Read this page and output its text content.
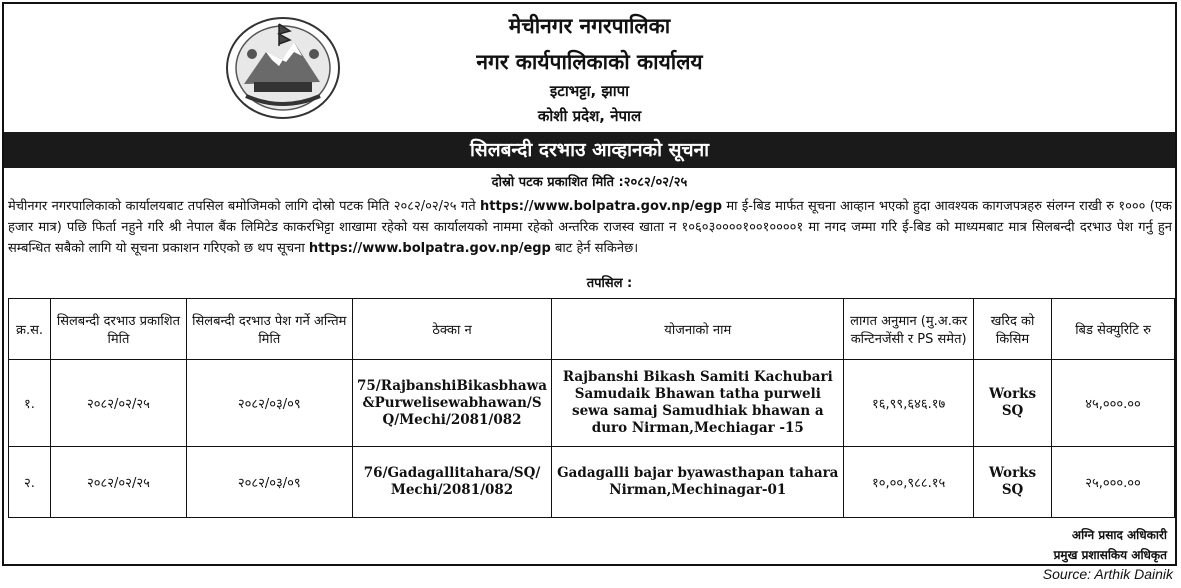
मेचीनगर नगरपालिका
नगर कार्यपालिकाको कार्यालय
इटाभट्टा, झापा
कोशी प्रदेश, नेपाल
सिलबन्दी दरभाउ आव्हानको सूचना
दोस्रो पटक प्रकाशित मिति :२०८२/०२/२५
मेचीनगर नगरपालिकाको कार्यालयबाट तपसिल बमोजिमको लागि दोस्रो पटक मिति २०८२/०२/२५ गते https://www.bolpatra.gov.np/egp मा ई-बिड मार्फत सूचना आव्हान भएको हुदा आवश्यक कागजपत्रहरु संलग्न राखी रु १००० (एक हजार मात्र) पछि फिर्ता नहुने गरि श्री नेपाल बैंक लिमिटेड काकरभिट्टा शाखामा रहेको यस कार्यालयको नाममा रहेको अन्तरिक राजस्व खाता न १०६०३००००१००१००००१ मा नगद जम्मा गरि ई-बिड को माध्यमबाट मात्र सिलबन्दी दरभाउ पेश गर्नु हुन सम्बन्धित सबैको लागि यो सूचना प्रकाशन गरिएको छ थप सूचना https://www.bolpatra.gov.np/egp बाट हेर्न सकिनेछ।
तपसिल :
क्र.स.	सिलबन्दी दरभाउ प्रकाशित मिति	सिलबन्दी दरभाउ पेश गर्ने अन्तिम मिति	ठेक्का न	योजनाको नाम	लागत अनुमान (मु.अ.कर कन्टिनजेंसी र PS समेत)	खरिद को किसिम	बिड सेक्युरिटि रु
१.	२०८२/०२/२५	२०८२/०३/०९	75/RajbanshiBikasbhawa&Purwelisewabhawan/SQ/Mechi/2081/082	Rajbanshi Bikash Samiti Kachubari Samudaik Bhawan tatha purweli sewa samaj Samudhiak bhawan a duro Nirman,Mechiagar -15	१६,९९,६४६.१७	Works SQ	४५,०००.००
२.	२०८२/०२/२५	२०८२/०३/०९	76/Gadagallitahara/SQ/Mechi/2081/082	Gadagalli bajar byawasthapan tahara Nirman,Mechinagar-01	१०,००,९८८.१५	Works SQ	२५,०००.००
अग्नि प्रसाद अधिकारी
प्रमुख प्रशासकिय अधिकृत
Source: Arthik Dainik
